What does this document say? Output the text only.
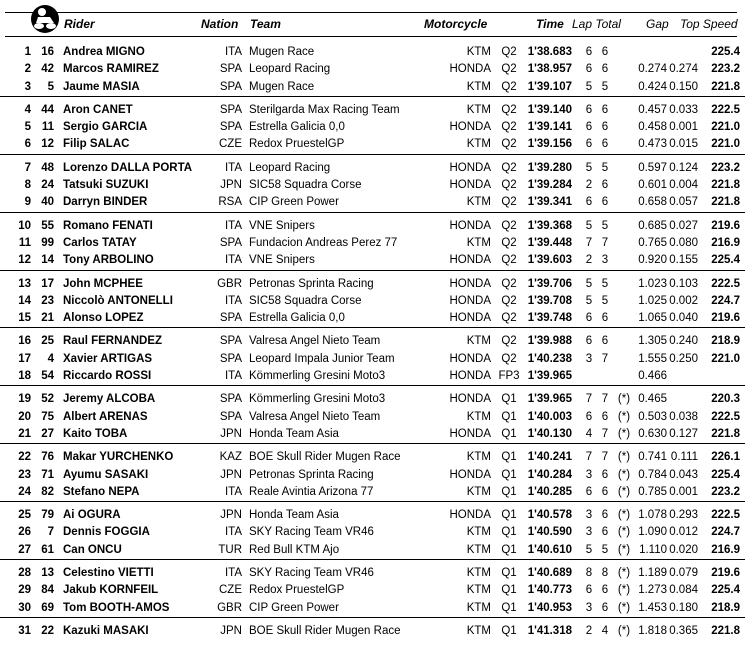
Rider	Nation Team	Motorcycle	Time Lap Total Gap Top Speed
1 16 Andrea MIGNO	ITA Mugen Race	KTM Q2 1'38.683 6 6	225.4
2 42 Marcos RAMIREZ	SPA Leopard Racing	HONDA Q2 1'38.957 6 6	0.274 0.274	223.2
3	5 Jaume MASIA	SPA Mugen Race	KTM Q2 1'39.107 5 5	0.424 0.150	221.8
4 44 Aron CANET	SPA Sterilgarda Max Racing Team	KTM Q2 1'39.140 6 6	0.457 0.033	222.5
5 11 Sergio GARCIA	SPA Estrella Galicia 0,0	HONDA Q2 1'39.141 6 6	0.458 0.001	221.0
6 12 Filip SALAC	CZE Redox PruestelGP	KTM Q2 1'39.156 6 6	0.473 0.015	221.0
7 48 Lorenzo DALLA PORTA	ITA Leopard Racing	HONDA Q2 1'39.280 5 5	0.597 0.124	223.2
8 24 Tatsuki SUZUKI	JPN SIC58 Squadra Corse	HONDA Q2 1'39.284 2 6	0.601 0.004	221.8
9 40 Darryn BINDER	RSA CIP Green Power	KTM Q2 1'39.341 6 6	0.658 0.057	221.8
10 55 Romano FENATI	ITA VNE Snipers	HONDA Q2 1'39.368 5 5	0.685 0.027	219.6
11 99 Carlos TATAY	SPA Fundacion Andreas Perez 77	KTM Q2 1'39.448 7 7	0.765 0.080	216.9
12 14 Tony ARBOLINO	ITA VNE Snipers	HONDA Q2 1'39.603 2 3	0.920 0.155	225.4
13 17 John MCPHEE	GBR Petronas Sprinta Racing	HONDA Q2 1'39.706 5 5	1.023 0.103	222.5
14 23 Niccolò ANTONELLI	ITA SIC58 Squadra Corse	HONDA Q2 1'39.708 5 5	1.025 0.002	224.7
15 21 Alonso LOPEZ	SPA Estrella Galicia 0,0	HONDA Q2 1'39.748 6 6	1.065 0.040	219.6
16 25 Raul FERNANDEZ	SPA Valresa Angel Nieto Team	KTM Q2 1'39.988 6 6	1.305 0.240	218.9
17	4 Xavier ARTIGAS	SPA Leopard Impala Junior Team	HONDA Q2 1'40.238 3 7	1.555 0.250	221.0
18 54 Riccardo ROSSI	ITA Kömmerling Gresini Moto3	HONDA FP3 1'39.965	0.466
19 52 Jeremy ALCOBA	SPA Kömmerling Gresini Moto3	HONDA Q1 1'39.965 7 7 (*) 0.465	220.3
20 75 Albert ARENAS	SPA Valresa Angel Nieto Team	KTM Q1 1'40.003 6 6 (*) 0.503 0.038	222.5
21 27 Kaito TOBA	JPN Honda Team Asia	HONDA Q1 1'40.130 4 7 (*) 0.630 0.127	221.8
22 76 Makar YURCHENKO	KAZ BOE Skull Rider Mugen Race	KTM Q1 1'40.241 7 7 (*) 0.741 0.111	226.1
23 71 Ayumu SASAKI	JPN Petronas Sprinta Racing	HONDA Q1 1'40.284 3 6 (*) 0.784 0.043	225.4
24 82 Stefano NEPA	ITA Reale Avintia Arizona 77	KTM Q1 1'40.285 6 6 (*) 0.785 0.001	223.2
25 79 Ai OGURA	JPN Honda Team Asia	HONDA Q1 1'40.578 3 6 (*) 1.078 0.293	222.5
26	7 Dennis FOGGIA	ITA SKY Racing Team VR46	KTM Q1 1'40.590 3 6 (*) 1.090 0.012	224.7
27 61 Can ONCU	TUR Red Bull KTM Ajo	KTM Q1 1'40.610 5 5 (*) 1.110 0.020	216.9
28 13 Celestino VIETTI	ITA SKY Racing Team VR46	KTM Q1 1'40.689 8 8 (*) 1.189 0.079	219.6
29 84 Jakub KORNFEIL	CZE Redox PruestelGP	KTM Q1 1'40.773 6 6 (*) 1.273 0.084	225.4
30 69 Tom BOOTH-AMOS	GBR CIP Green Power	KTM Q1 1'40.953 3 6 (*) 1.453 0.180	218.9
31 22 Kazuki MASAKI	JPN BOE Skull Rider Mugen Race	KTM Q1 1'41.318 2 4 (*) 1.818 0.365	221.8
